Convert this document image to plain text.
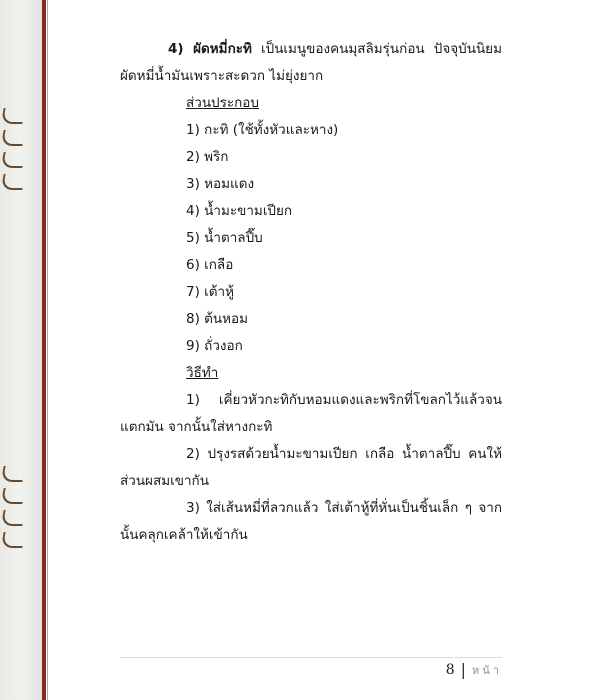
4) ผัดหมี่กะทิ เป็นเมนูของคนมุสลิมรุ่นก่อน ปัจจุบันนิยมผัดหมี่น้ำมันเพราะสะดวก ไม่ยุ่งยาก

ส่วนประกอบ
1) กะทิ (ใช้ทั้งหัวและหาง)
2) พริก
3) หอมแดง
4) น้ำมะขามเปียก
5) น้ำตาลปี๊บ
6) เกลือ
7) เต้าหู้
8) ต้นหอม
9) ถั่วงอก
วิธีทำ

1) เคี่ยวหัวกะทิกับหอมแดงและพริกที่โขลกไว้แล้วจนแตกมัน จากนั้นใส่หางกะทิ

2) ปรุงรสด้วยน้ำมะขามเปียก เกลือ น้ำตาลปี๊บ คนให้ส่วนผสมเขากัน

3) ใส่เส้นหมี่ที่ลวกแล้ว ใส่เต้าหู้ที่หั่นเป็นชิ้นเล็ก ๆ จากนั้นคลุกเคล้าให้เข้ากัน

8 | หน้า
